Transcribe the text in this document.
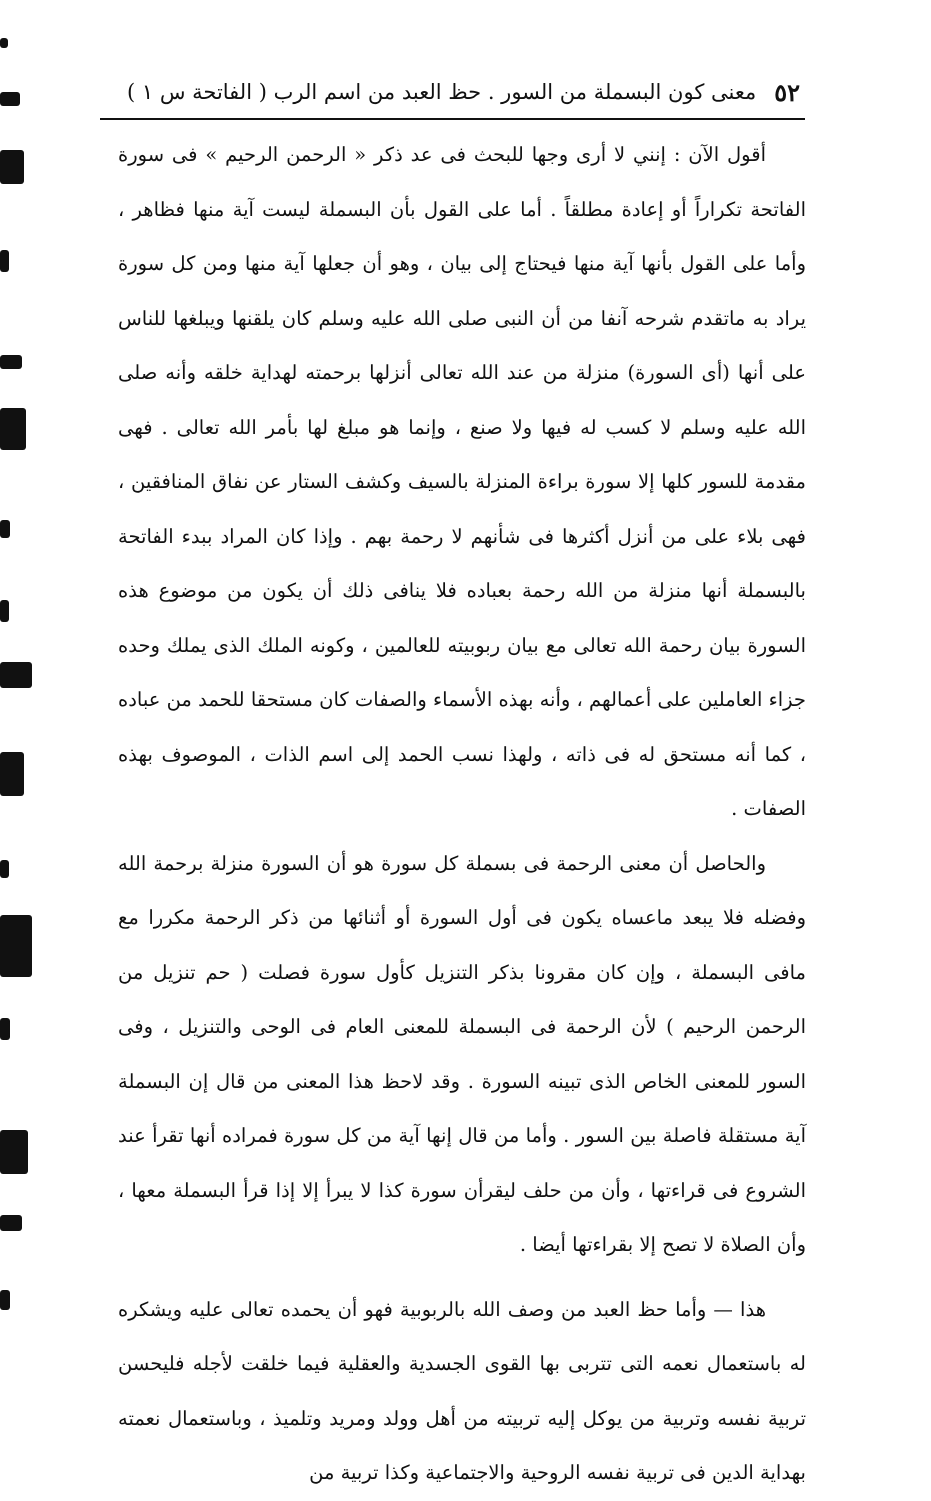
٥٢
معنى كون البسملة من السور . حظ العبد من اسم الرب ( الفاتحة س ١ )

أقول الآن : إنني لا أرى وجها للبحث فى عد ذكر « الرحمن الرحيم » فى سورة الفاتحة تكراراً أو إعادة مطلقاً . أما على القول بأن البسملة ليست آية منها فظاهر ، وأما على القول بأنها آية منها فيحتاج إلى بيان ، وهو أن جعلها آية منها ومن كل سورة يراد به ماتقدم شرحه آنفا من أن النبى صلى الله عليه وسلم كان يلقنها ويبلغها للناس على أنها (أى السورة) منزلة من عند الله تعالى أنزلها برحمته لهداية خلقه وأنه صلى الله عليه وسلم لا كسب له فيها ولا صنع ، وإنما هو مبلغ لها بأمر الله تعالى . فهى مقدمة للسور كلها إلا سورة براءة المنزلة بالسيف وكشف الستار عن نفاق المنافقين ، فهى بلاء على من أنزل أكثرها فى شأنهم لا رحمة بهم . وإذا كان المراد ببدء الفاتحة بالبسملة أنها منزلة من الله رحمة بعباده فلا ينافى ذلك أن يكون من موضوع هذه السورة بيان رحمة الله تعالى مع بيان ربوبيته للعالمين ، وكونه الملك الذى يملك وحده جزاء العاملين على أعمالهم ، وأنه بهذه الأسماء والصفات كان مستحقا للحمد من عباده ، كما أنه مستحق له فى ذاته ، ولهذا نسب الحمد إلى اسم الذات ، الموصوف بهذه الصفات .

والحاصل أن معنى الرحمة فى بسملة كل سورة هو أن السورة منزلة برحمة الله وفضله فلا يبعد ماعساه يكون فى أول السورة أو أثنائها من ذكر الرحمة مكررا مع مافى البسملة ، وإن كان مقرونا بذكر التنزيل كأول سورة فصلت ( حم تنزيل من الرحمن الرحيم ) لأن الرحمة فى البسملة للمعنى العام فى الوحى والتنزيل ، وفى السور للمعنى الخاص الذى تبينه السورة . وقد لاحظ هذا المعنى من قال إن البسملة آية مستقلة فاصلة بين السور . وأما من قال إنها آية من كل سورة فمراده أنها تقرأ عند الشروع فى قراءتها ، وأن من حلف ليقرأن سورة كذا لا يبرأ إلا إذا قرأ البسملة معها ، وأن الصلاة لا تصح إلا بقراءتها أيضا .

هذا — وأما حظ العبد من وصف الله بالربوبية فهو أن يحمده تعالى عليه ويشكره له باستعمال نعمه التى تتربى بها القوى الجسدية والعقلية فيما خلقت لأجله فليحسن تربية نفسه وتربية من يوكل إليه تربيته من أهل وولد ومريد وتلميذ ، وباستعمال نعمته بهداية الدين فى تربية نفسه الروحية والاجتماعية وكذا تربية من
